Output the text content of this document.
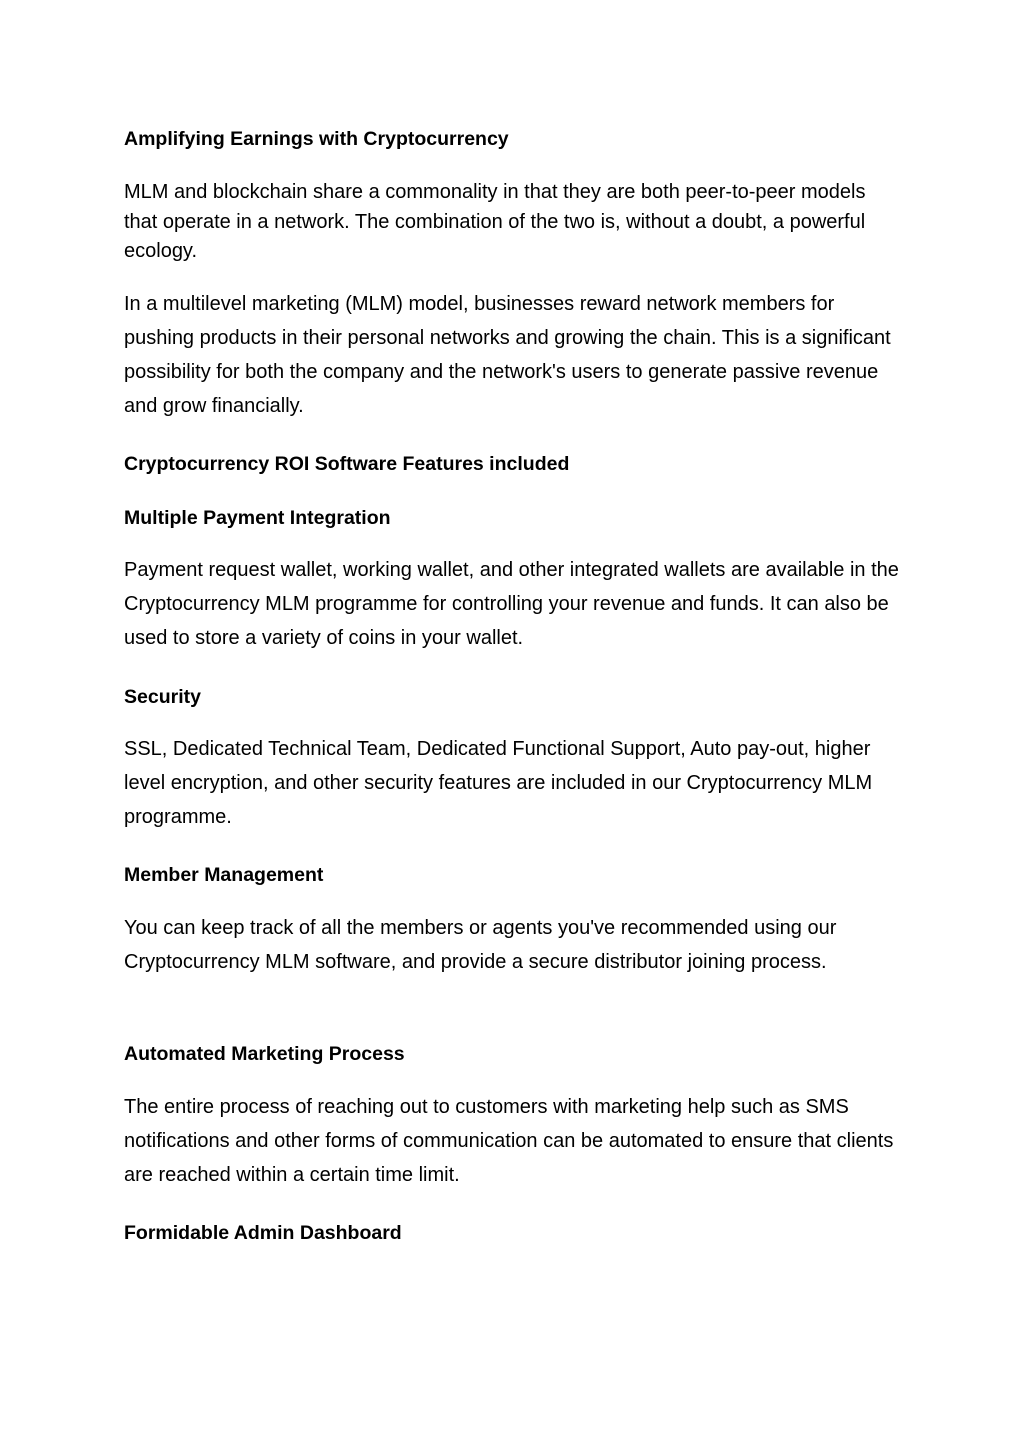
Amplifying Earnings with Cryptocurrency

MLM and blockchain share a commonality in that they are both peer-to-peer models that operate in a network. The combination of the two is, without a doubt, a powerful ecology.

In a multilevel marketing (MLM) model, businesses reward network members for pushing products in their personal networks and growing the chain. This is a significant possibility for both the company and the network's users to generate passive revenue and grow financially.

Cryptocurrency ROI Software Features included
Multiple Payment Integration

Payment request wallet, working wallet, and other integrated wallets are available in the Cryptocurrency MLM programme for controlling your revenue and funds. It can also be used to store a variety of coins in your wallet.

Security

SSL, Dedicated Technical Team, Dedicated Functional Support, Auto pay-out, higher level encryption, and other security features are included in our Cryptocurrency MLM programme.

Member Management

You can keep track of all the members or agents you've recommended using our Cryptocurrency MLM software, and provide a secure distributor joining process.

Automated Marketing Process

The entire process of reaching out to customers with marketing help such as SMS notifications and other forms of communication can be automated to ensure that clients are reached within a certain time limit.

Formidable Admin Dashboard
